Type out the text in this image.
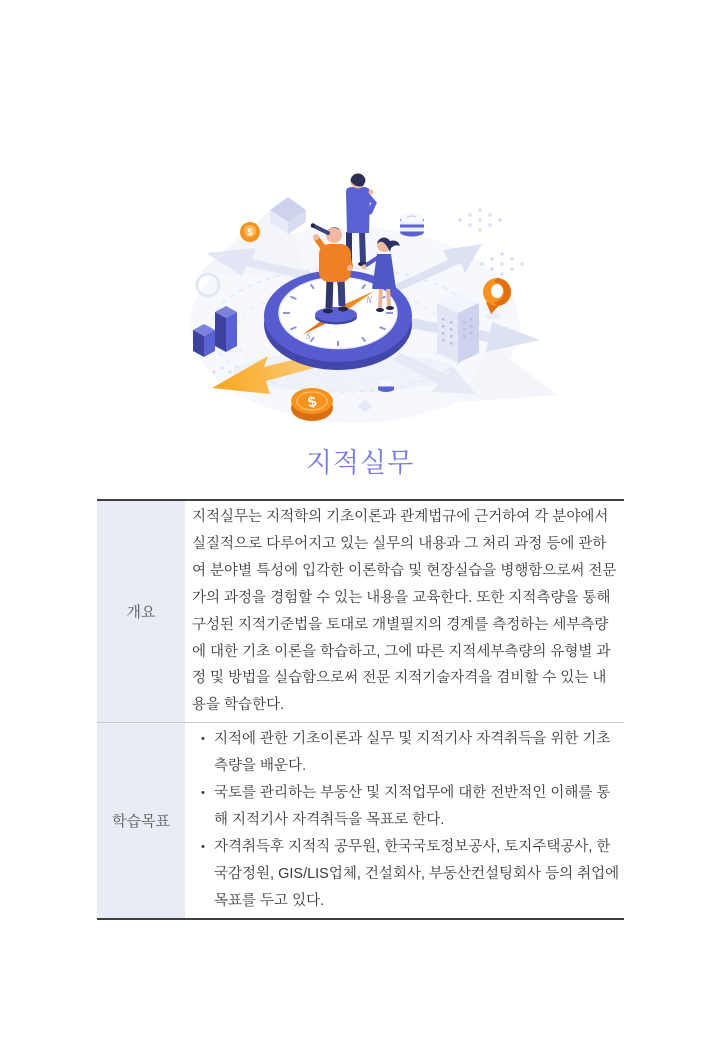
$
N
S
$
지적실무
개요
지적실무는 지적학의 기초이론과 관계법규에 근거하여 각 분야에서 실질적으로 다루어지고 있는 실무의 내용과 그 처리 과정 등에 관하여 분야별 특성에 입각한 이론학습 및 현장실습을 병행함으로써 전문가의 과정을 경험할 수 있는 내용을 교육한다. 또한 지적측량을 통해 구성된 지적기준법을 토대로 개별필지의 경계를 측정하는 세부측량에 대한 기초 이론을 학습하고, 그에 따른 지적세부측량의 유형별 과정 및 방법을 실습함으로써 전문 지적기술자격을 겸비할 수 있는 내용을 학습한다.
학습목표
• 지적에 관한 기초이론과 실무 및 지적기사 자격취득을 위한 기초측량을 배운다.
• 국토를 관리하는 부동산 및 지적업무에 대한 전반적인 이해를 통해 지적기사 자격취득을 목표로 한다.
• 자격취득후 지적직 공무원, 한국국토정보공사, 토지주택공사, 한국감정원, GIS/LIS업체, 건설회사, 부동산컨설팅회사 등의 취업에 목표를 두고 있다.
